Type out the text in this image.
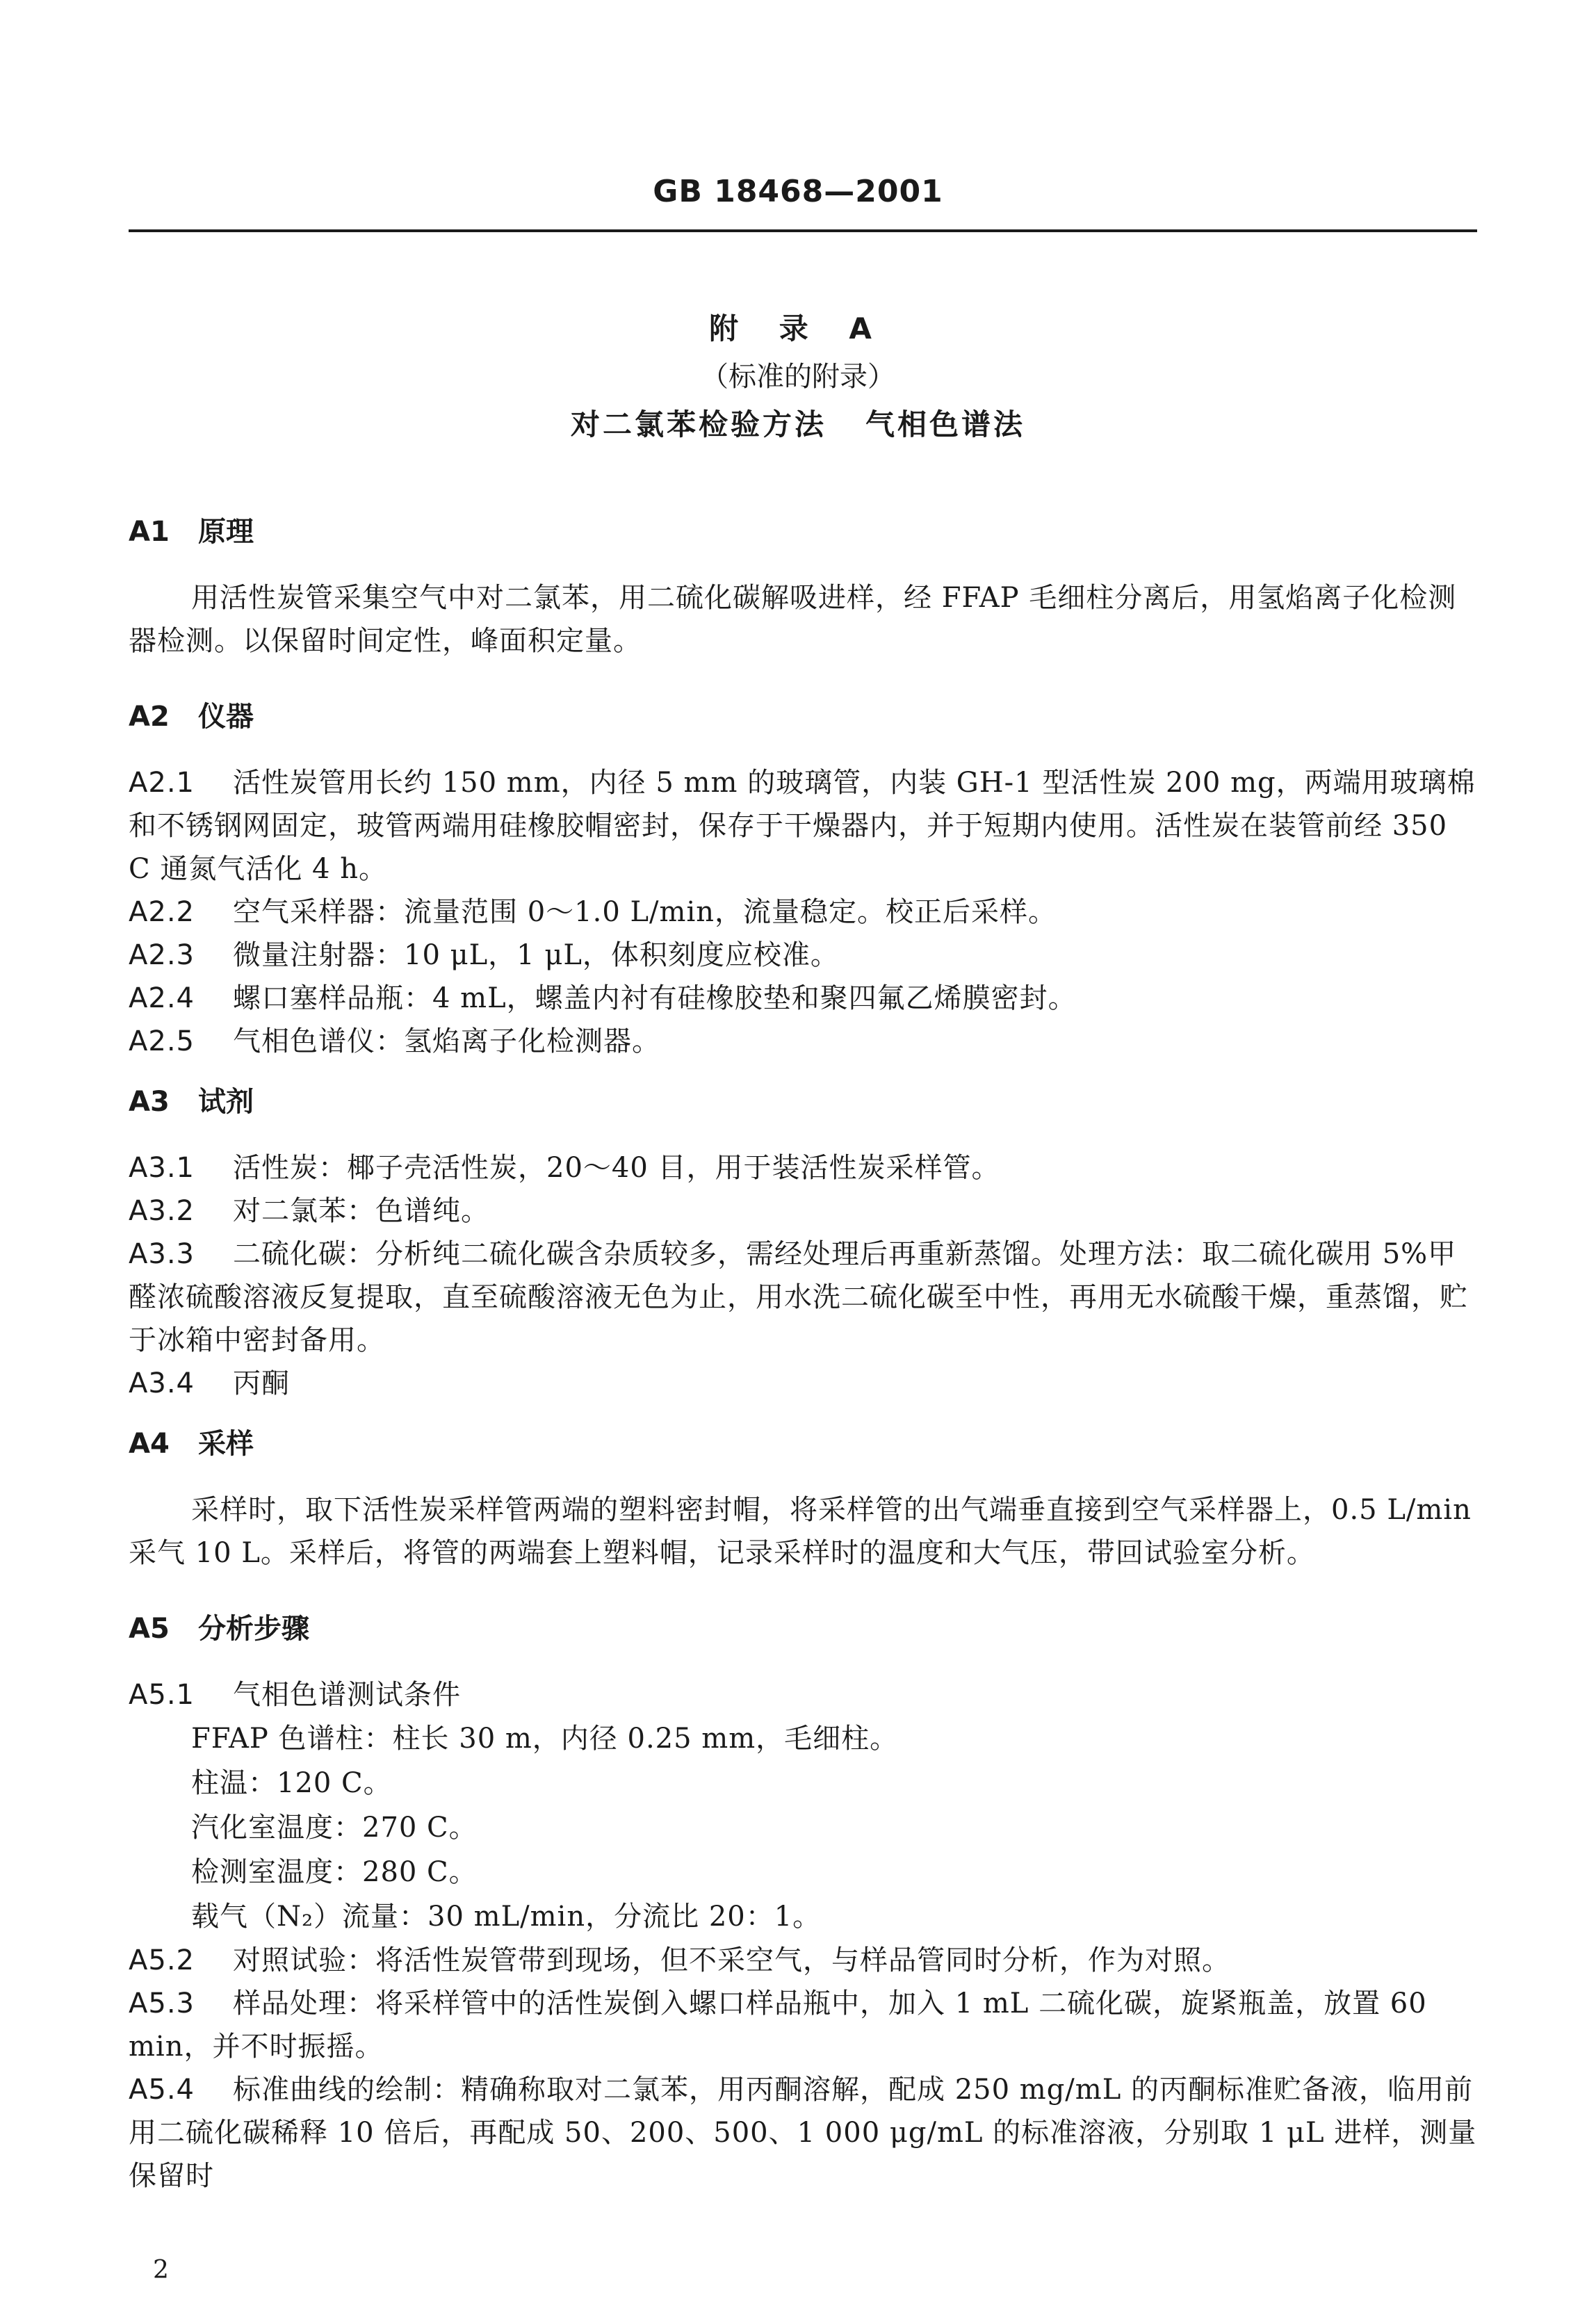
GB 18468—2001
附 录 A
（标准的附录）
对二氯苯检验方法 气相色谱法
A1 原理

用活性炭管采集空气中对二氯苯，用二硫化碳解吸进样，经 FFAP 毛细柱分离后，用氢焰离子化检测器检测。以保留时间定性，峰面积定量。

A2 仪器

A2.1 活性炭管用长约 150 mm，内径 5 mm 的玻璃管，内装 GH-1 型活性炭 200 mg，两端用玻璃棉和不锈钢网固定，玻管两端用硅橡胶帽密封，保存于干燥器内，并于短期内使用。活性炭在装管前经 350 C 通氮气活化 4 h。

A2.2 空气采样器：流量范围 0～1.0 L/min，流量稳定。校正后采样。

A2.3 微量注射器：10 μL，1 μL，体积刻度应校准。

A2.4 螺口塞样品瓶：4 mL，螺盖内衬有硅橡胶垫和聚四氟乙烯膜密封。

A2.5 气相色谱仪：氢焰离子化检测器。

A3 试剂

A3.1 活性炭：椰子壳活性炭，20～40 目，用于装活性炭采样管。

A3.2 对二氯苯：色谱纯。

A3.3 二硫化碳：分析纯二硫化碳含杂质较多，需经处理后再重新蒸馏。处理方法：取二硫化碳用 5%甲醛浓硫酸溶液反复提取，直至硫酸溶液无色为止，用水洗二硫化碳至中性，再用无水硫酸干燥，重蒸馏，贮于冰箱中密封备用。

A3.4 丙酮

A4 采样

采样时，取下活性炭采样管两端的塑料密封帽，将采样管的出气端垂直接到空气采样器上，0.5 L/min采气 10 L。采样后，将管的两端套上塑料帽，记录采样时的温度和大气压，带回试验室分析。

A5 分析步骤

A5.1 气相色谱测试条件

FFAP 色谱柱：柱长 30 m，内径 0.25 mm，毛细柱。

柱温：120 C。

汽化室温度：270 C。

检测室温度：280 C。

载气（N₂）流量：30 mL/min，分流比 20：1。

A5.2 对照试验：将活性炭管带到现场，但不采空气，与样品管同时分析，作为对照。

A5.3 样品处理：将采样管中的活性炭倒入螺口样品瓶中，加入 1 mL 二硫化碳，旋紧瓶盖，放置 60 min，并不时振摇。

A5.4 标准曲线的绘制：精确称取对二氯苯，用丙酮溶解，配成 250 mg/mL 的丙酮标准贮备液，临用前用二硫化碳稀释 10 倍后，再配成 50、200、500、1 000 μg/mL 的标准溶液，分别取 1 μL 进样，测量保留时

2
